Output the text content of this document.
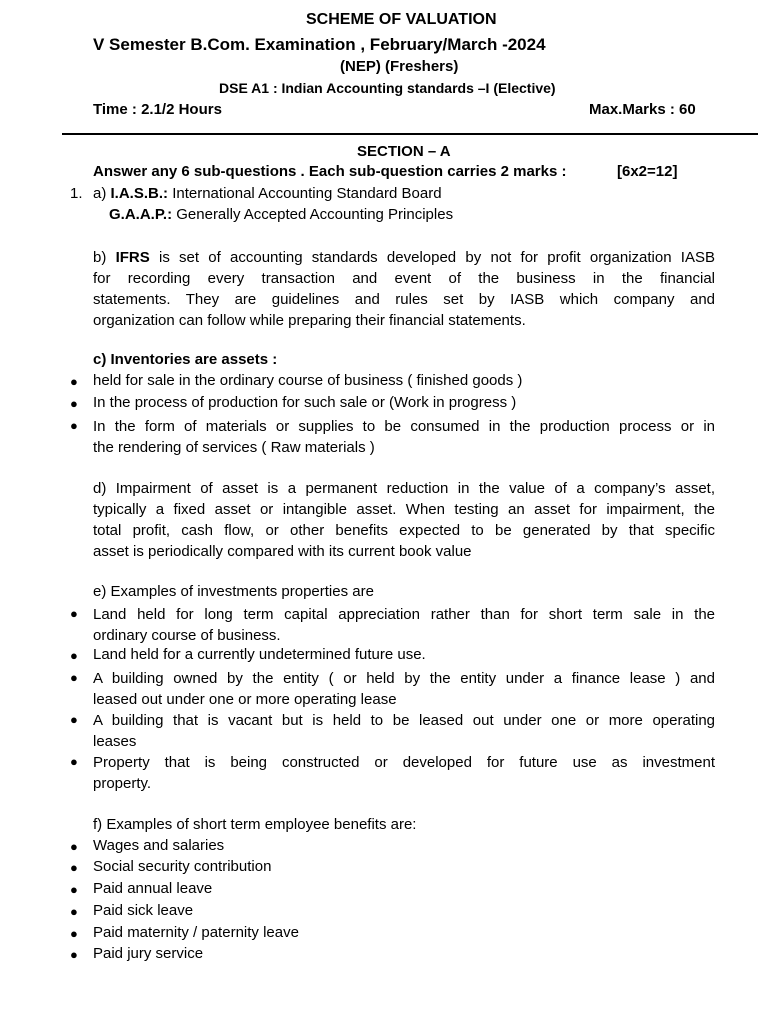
SCHEME OF VALUATION
V Semester B.Com. Examination , February/March -2024
(NEP) (Freshers)
DSE A1 : Indian Accounting standards –I (Elective)
Time : 2.1/2 Hours	Max.Marks : 60
SECTION – A
Answer any 6 sub-questions . Each sub-question carries 2 marks :	[6x2=12]
1. a) I.A.S.B.: International Accounting Standard Board
G.A.A.P.: Generally Accepted Accounting Principles
b) IFRS is set of accounting standards developed by not for profit organization IASB
for recording every transaction and event of the business in the financial
statements. They are guidelines and rules set by IASB which company and
organization can follow while preparing their financial statements.
c) Inventories are assets :
● held for sale in the ordinary course of business ( finished goods )
● In the process of production for such sale or (Work in progress )
● In the form of materials or supplies to be consumed in the production process or in
the rendering of services ( Raw materials )
d) Impairment of asset is a permanent reduction in the value of a company’s asset,
typically a fixed asset or intangible asset. When testing an asset for impairment, the
total profit, cash flow, or other benefits expected to be generated by that specific
asset is periodically compared with its current book value
e) Examples of investments properties are
● Land held for long term capital appreciation rather than for short term sale in the
ordinary course of business.
● Land held for a currently undetermined future use.
● A building owned by the entity ( or held by the entity under a finance lease ) and
leased out under one or more operating lease
● A building that is vacant but is held to be leased out under one or more operating
leases
● Property that is being constructed or developed for future use as investment
property.
f) Examples of short term employee benefits are:
● Wages and salaries
● Social security contribution
● Paid annual leave
● Paid sick leave
● Paid maternity / paternity leave
● Paid jury service
